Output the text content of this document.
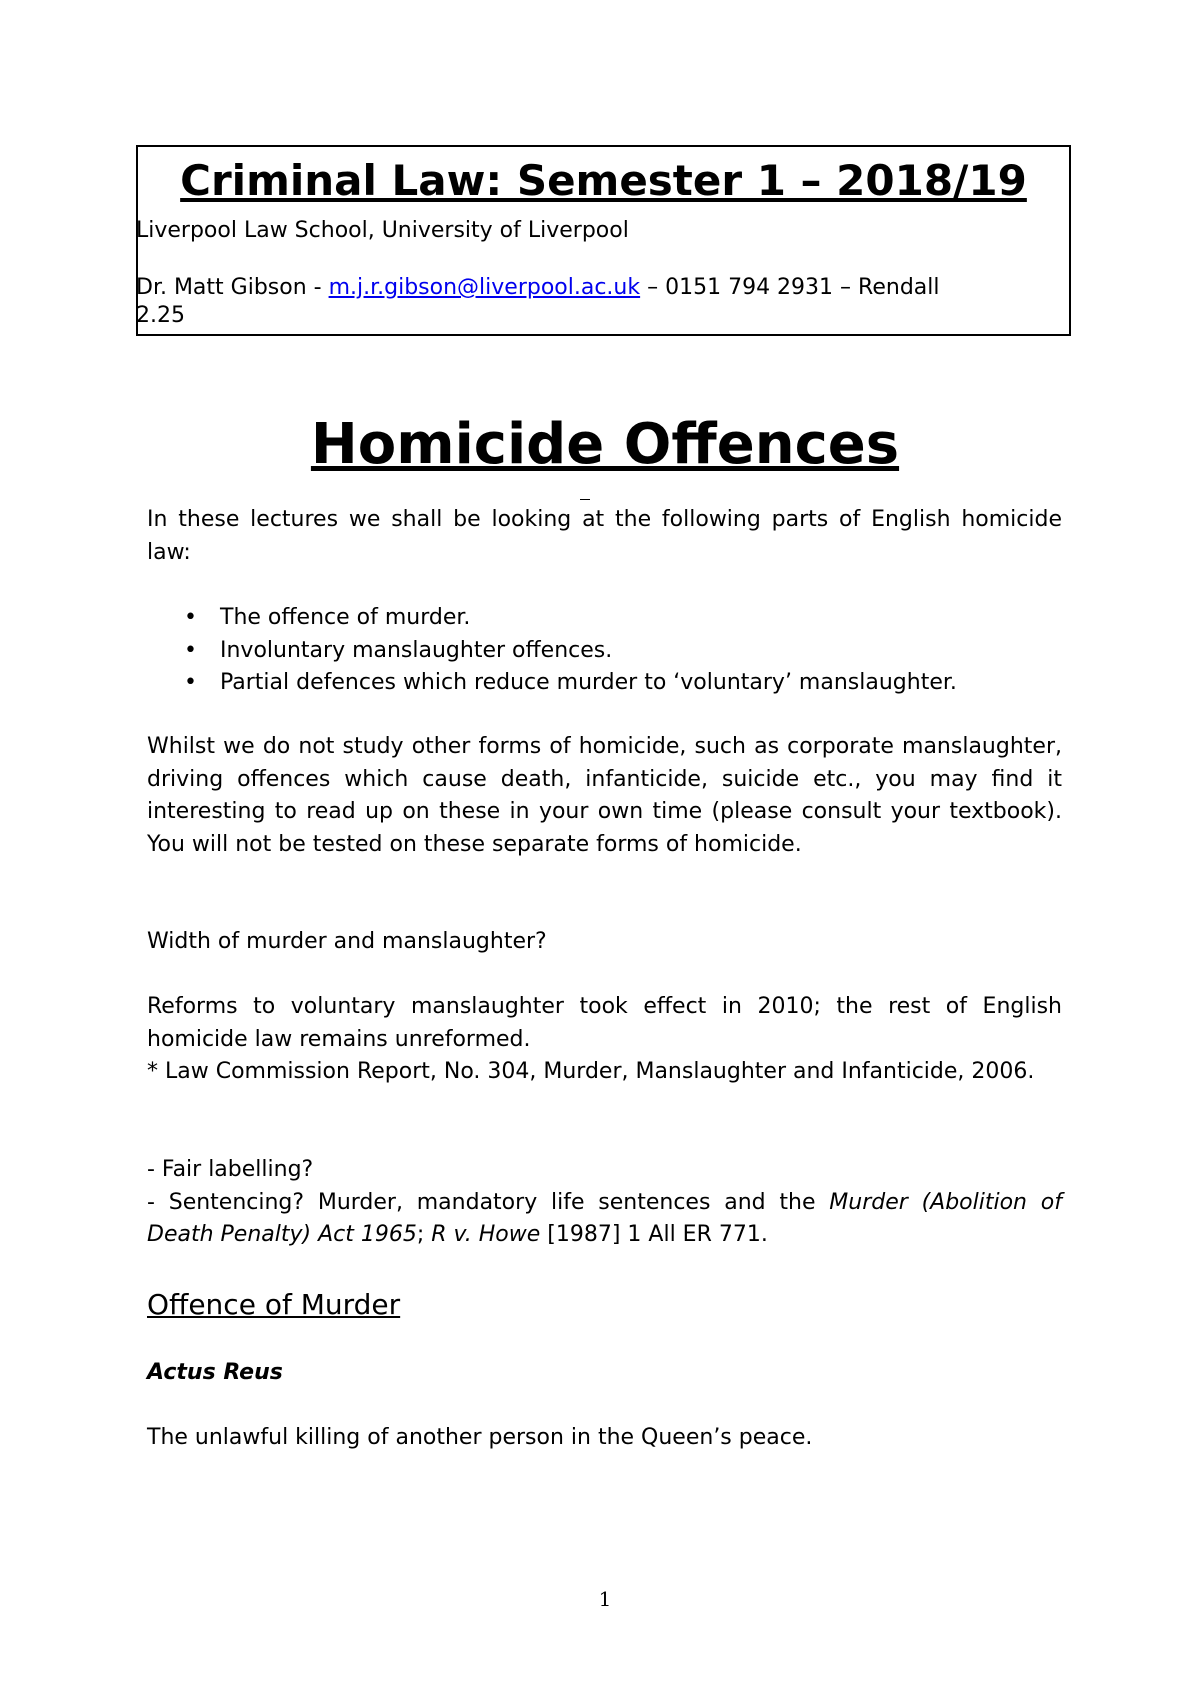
Criminal Law: Semester 1 – 2018/19

Liverpool Law School, University of Liverpool

Dr. Matt Gibson - m.j.r.gibson@liverpool.ac.uk – 0151 794 2931 – Rendall
2.25

Homicide Offences

In these lectures we shall be looking at the following parts of English homicide law:

• The offence of murder.
• Involuntary manslaughter offences.
• Partial defences which reduce murder to ‘voluntary’ manslaughter.

Whilst we do not study other forms of homicide, such as corporate manslaughter, driving offences which cause death, infanticide, suicide etc., you may find it interesting to read up on these in your own time (please consult your textbook). You will not be tested on these separate forms of homicide.

Width of murder and manslaughter?

Reforms to voluntary manslaughter took effect in 2010; the rest of English homicide law remains unreformed.
* Law Commission Report, No. 304, Murder, Manslaughter and Infanticide, 2006.
- Fair labelling?
- Sentencing? Murder, mandatory life sentences and the Murder (Abolition of Death Penalty) Act 1965; R v. Howe [1987] 1 All ER 771.
Offence of Murder
Actus Reus

The unlawful killing of another person in the Queen’s peace.

1
